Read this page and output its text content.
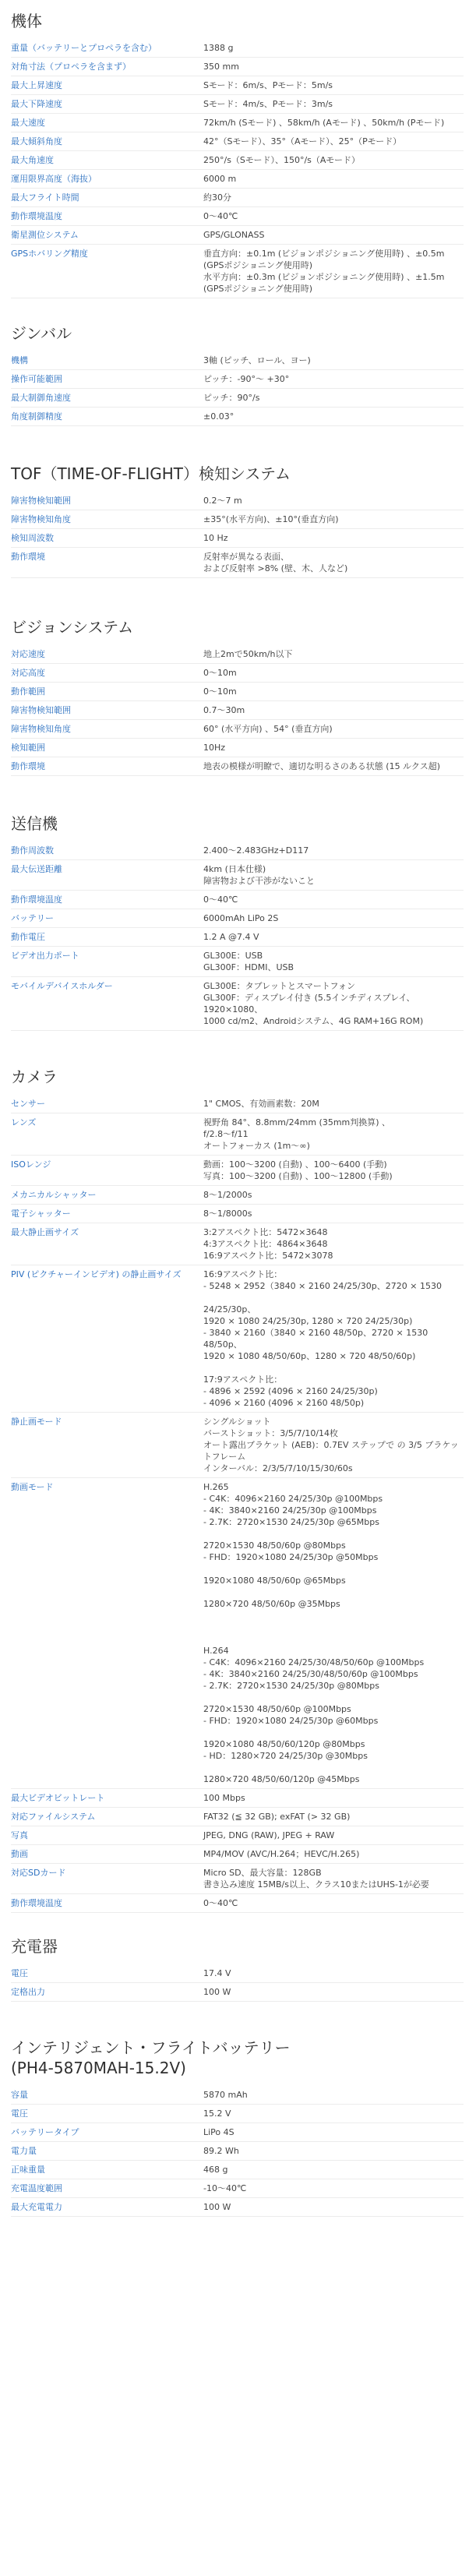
機体
重量（バッテリーとプロペラを含む）	1388 g
対角寸法（プロペラを含まず）	350 mm
最大上昇速度	Sモード：6m/s、Pモード：5m/s
最大下降速度	Sモード：4m/s、Pモード：3m/s
最大速度	72km/h (Sモード) 、58km/h (Aモード) 、50km/h (Pモード)
最大傾斜角度	42°（Sモード）、35°（Aモード）、25°（Pモード）
最大角速度	250°/s（Sモード）、150°/s（Aモード）
運用限界高度（海抜）	6000 m
最大フライト時間	約30分
動作環境温度	0〜40℃
衛星測位システム	GPS/GLONASS
GPSホバリング精度	垂直方向：±0.1m (ビジョンポジショニング使用時) 、±0.5m (GPSポジショニング使用時)
水平方向：±0.3m (ビジョンポジショニング使用時) 、±1.5m (GPSポジショニング使用時)
ジンバル
機構	3軸 (ピッチ、ロール、ヨー)
操作可能範囲	ピッチ：-90°〜 +30°
最大制御角速度	ピッチ：90°/s
角度制御精度	±0.03°
TOF（TIME-OF-FLIGHT）検知システム
障害物検知範囲	0.2〜7 m
障害物検知角度	±35°(水平方向)、±10°(垂直方向)
検知周波数	10 Hz
動作環境	反射率が異なる表面、
および反射率 >8% (壁、木、人など)
ビジョンシステム
対応速度	地上2mで50km/h以下
対応高度	0〜10m
動作範囲	0〜10m
障害物検知範囲	0.7〜30m
障害物検知角度	60° (水平方向) 、54° (垂直方向)
検知範囲	10Hz
動作環境	地表の模様が明瞭で、適切な明るさのある状態 (15 ルクス超)
送信機
動作周波数	2.400〜2.483GHz+D117
最大伝送距離	4km (日本仕様)
障害物および干渉がないこと
動作環境温度	0〜40℃
バッテリー	6000mAh LiPo 2S
動作電圧	1.2 A @7.4 V
ビデオ出力ポート	GL300E：USB
GL300F：HDMI、USB
モバイルデバイスホルダー	GL300E：タブレットとスマートフォン
GL300F：ディスプレイ付き (5.5インチディスプレイ、1920×1080、
1000 cd/m2、Androidシステム、4G RAM+16G ROM)
カメラ
センサー	1" CMOS、有効画素数：20M
レンズ	視野角 84°、8.8mm/24mm (35mm判換算) 、
f/2.8〜f/11
オートフォーカス (1m〜∞)
ISOレンジ	動画：100〜3200 (自動) 、100〜6400 (手動)
写真：100〜3200 (自動) 、100〜12800 (手動)
メカニカルシャッター	8〜1/2000s
電子シャッター	8〜1/8000s
最大静止画サイズ	3:2アスペクト比：5472×3648
4:3アスペクト比：4864×3648
16:9アスペクト比：5472×3078
PIV (ピクチャーインビデオ) の静止画サイズ	16:9アスペクト比：
- 5248 × 2952（3840 × 2160 24/25/30p、2720 × 1530

24/25/30p、
1920 × 1080 24/25/30p, 1280 × 720 24/25/30p)
- 3840 × 2160（3840 × 2160 48/50p、2720 × 1530 48/50p、
1920 × 1080 48/50/60p、1280 × 720 48/50/60p)

17:9アスペクト比：
- 4896 × 2592 (4096 × 2160 24/25/30p)
- 4096 × 2160 (4096 × 2160 48/50p)
静止画モード	シングルショット
バーストショット：3/5/7/10/14枚
オート露出ブラケット (AEB)：0.7EV ステップで の 3/5 ブラケットフレーム
インターバル：2/3/5/7/10/15/30/60s
動画モード	H.265
- C4K：4096×2160 24/25/30p @100Mbps
- 4K：3840×2160 24/25/30p @100Mbps
- 2.7K：2720×1530 24/25/30p @65Mbps

2720×1530 48/50/60p @80Mbps
- FHD：1920×1080 24/25/30p @50Mbps

1920×1080 48/50/60p @65Mbps

1280×720 48/50/60p @35Mbps

H.264
- C4K：4096×2160 24/25/30/48/50/60p @100Mbps
- 4K：3840×2160 24/25/30/48/50/60p @100Mbps
- 2.7K：2720×1530 24/25/30p @80Mbps

2720×1530 48/50/60p @100Mbps
- FHD：1920×1080 24/25/30p @60Mbps

1920×1080 48/50/60/120p @80Mbps
- HD：1280×720 24/25/30p @30Mbps

1280×720 48/50/60/120p @45Mbps
最大ビデオビットレート	100 Mbps
対応ファイルシステム	FAT32 (≦ 32 GB); exFAT (> 32 GB)
写真	JPEG, DNG (RAW), JPEG + RAW
動画	MP4/MOV (AVC/H.264；HEVC/H.265)
対応SDカード	Micro SD、最大容量：128GB
書き込み速度 15MB/s以上、クラス10またはUHS-1が必要
動作環境温度	0〜40℃
充電器
電圧	17.4 V
定格出力	100 W
インテリジェント・フライトバッテリー
(PH4-5870MAH-15.2V)
容量	5870 mAh
電圧	15.2 V
バッテリータイプ	LiPo 4S
電力量	89.2 Wh
正味重量	468 g
充電温度範囲	-10〜40℃
最大充電電力	100 W
